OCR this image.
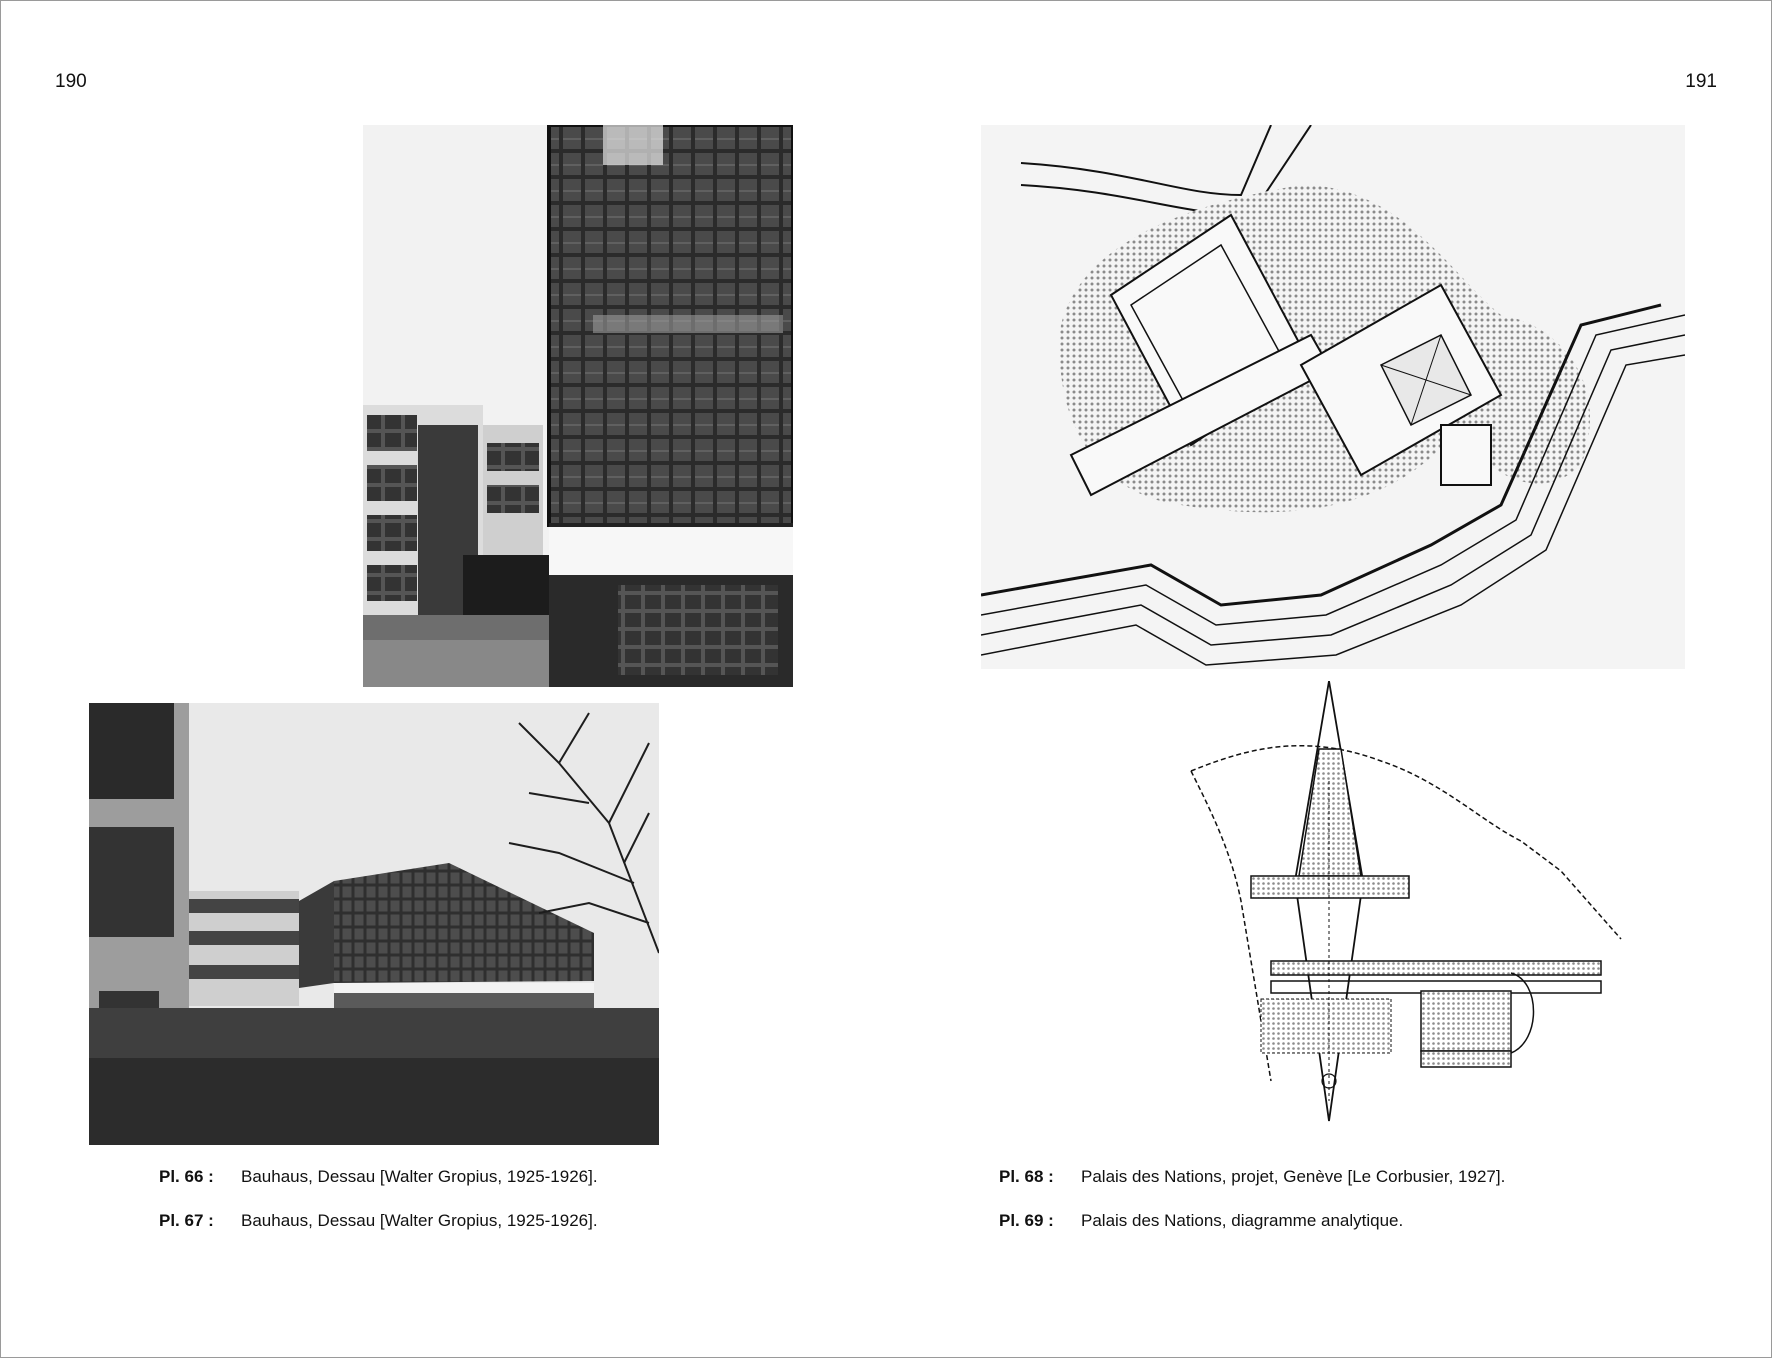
190	191
Pl. 66 : Bauhaus, Dessau [Walter Gropius, 1925-1926].
Pl. 67 : Bauhaus, Dessau [Walter Gropius, 1925-1926].
Pl. 68 : Palais des Nations, projet, Genève [Le Corbusier, 1927].
Pl. 69 : Palais des Nations, diagramme analytique.
